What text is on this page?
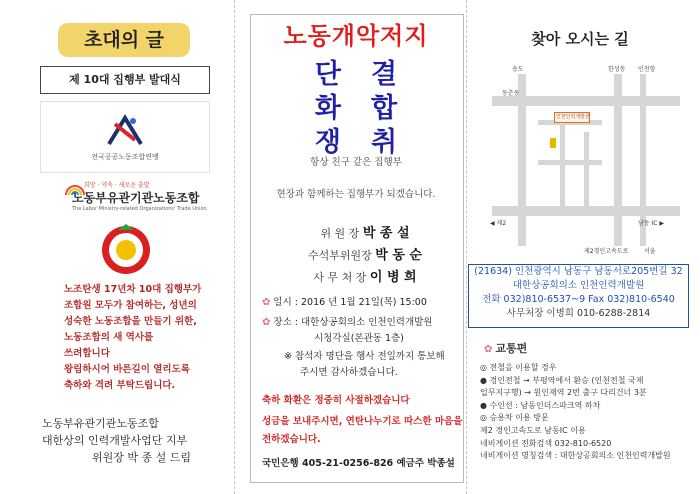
초대의 글
제 10대 집행부 발대식
전국공공노동조합연맹
희망 · 약속 · 새로운 출발
노동부유관기관노동조합
The Labor Ministry-related Organizations' Trade Union
노조탄생 17년차 10대 집행부가
조합원 모두가 참여하는, 성년의
성숙한 노동조합을 만들기 위한,
노동조합의 새 역사를
쓰려합니다
왕림하시어 바른길이 열리도록
축하와 격려 부탁드립니다.
노동부유관기관노동조합
대한상의 인력개발사업단 지부
위원장 박 종 설 드림
노동개악저지
단결
화합
쟁취
항상 친구 같은 집행부
현장과 함께하는 집행부가 되겠습니다.
위 원 장 박 종 설
수석부위원장 박 동 순
사 무 처 장 이 병 희
✿ 일시 : 2016 년 1월 21일(목) 15:00
✿ 장소 : 대한상공회의소 인천인력개발원
시청각실(본관동 1층)
※ 참석자 명단을 행사 전일까지 통보해
주시면 감사하겠습니다.
축하 화환은 정중히 사절하겠습니다
성금을 보내주시면, 연탄나누기로 따스한 마음을
전하겠습니다.
국민은행 405-21-0256-826 예금주 박종설
찾아 오시는 길
인천인력개발원
송도	한성동 인천항
동춘동
◀ 제2	남동 IC ▶
제2경인고속도로	서울
(21634) 인천광역시 남동구 남동서로205번길 32
대한상공회의소 인천인력개발원
전화 032)810-6537~9 Fax 032)810-6540
사무처장 이병희 010-6288-2814
✿ 교통편
◎ 전철을 이용할 경우
● 경인전철 → 부평역에서 환승 (인천전철 국제
업무지구행) → 원인재역 2번 출구 다리건너 3분
● 수인선 : 남동인더스파크역 하차
◎ 승용차 이용 방문
제2 경인고속도로 남동IC 이용
네비게이션 전화검색 032-810-6520
네비게이션 명칭검색 : 대한상공회의소 인천인력개발원
